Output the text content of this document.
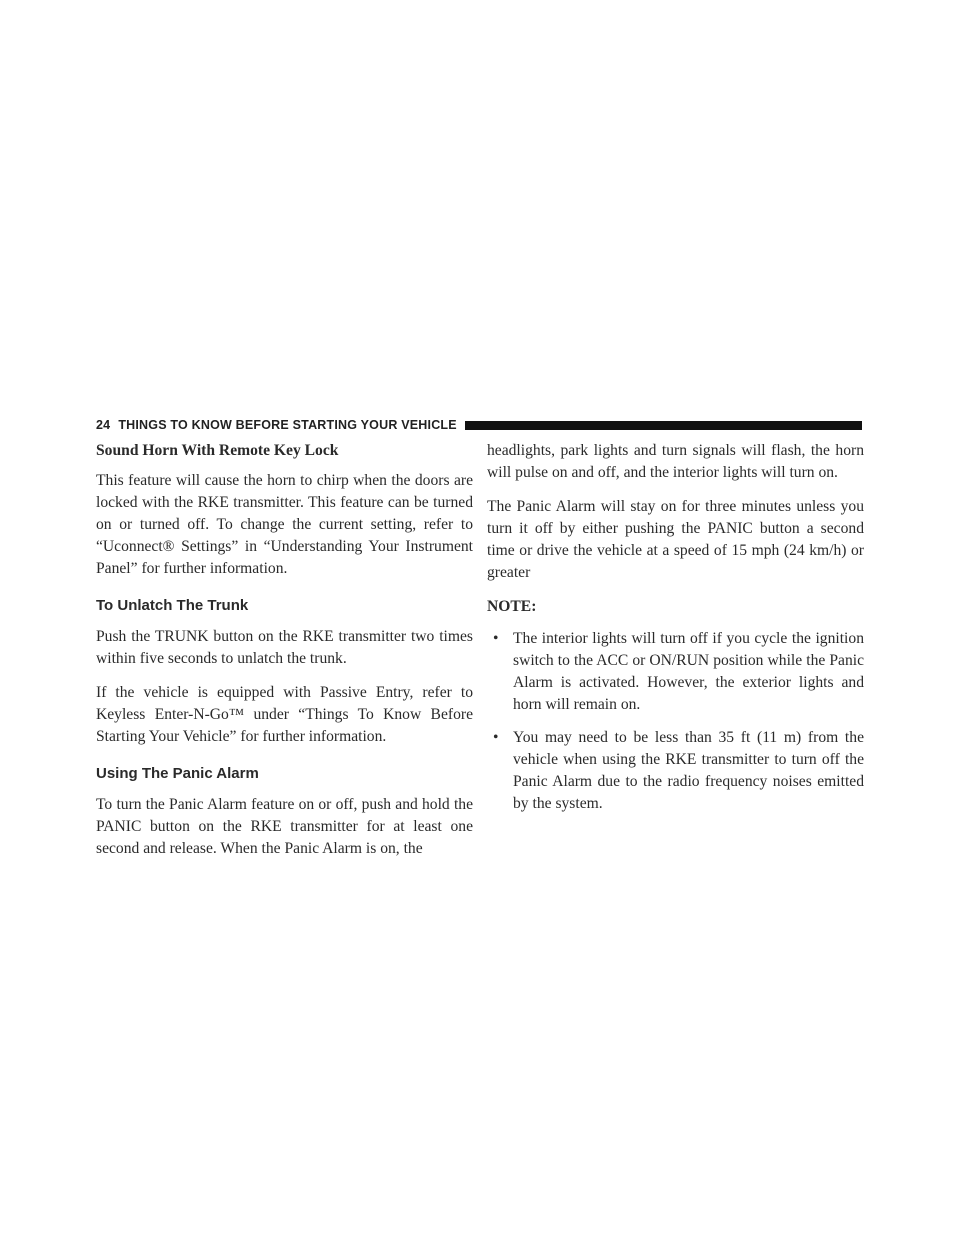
24 THINGS TO KNOW BEFORE STARTING YOUR VEHICLE
Sound Horn With Remote Key Lock

This feature will cause the horn to chirp when the doors are locked with the RKE transmitter. This feature can be turned on or turned off. To change the current setting, refer to “Uconnect® Settings” in “Understanding Your Instrument Panel” for further information.

To Unlatch The Trunk

Push the TRUNK button on the RKE transmitter two times within five seconds to unlatch the trunk.

If the vehicle is equipped with Passive Entry, refer to Keyless Enter-N-Go™ under “Things To Know Before Starting Your Vehicle” for further information.

Using The Panic Alarm

To turn the Panic Alarm feature on or off, push and hold the PANIC button on the RKE transmitter for at least one second and release. When the Panic Alarm is on, the

headlights, park lights and turn signals will flash, the horn will pulse on and off, and the interior lights will turn on.

The Panic Alarm will stay on for three minutes unless you turn it off by either pushing the PANIC button a second time or drive the vehicle at a speed of 15 mph (24 km/h) or greater

NOTE:

• The interior lights will turn off if you cycle the ignition switch to the ACC or ON/RUN position while the Panic Alarm is activated. However, the exterior lights and horn will remain on.
• You may need to be less than 35 ft (11 m) from the vehicle when using the RKE transmitter to turn off the Panic Alarm due to the radio frequency noises emitted by the system.
